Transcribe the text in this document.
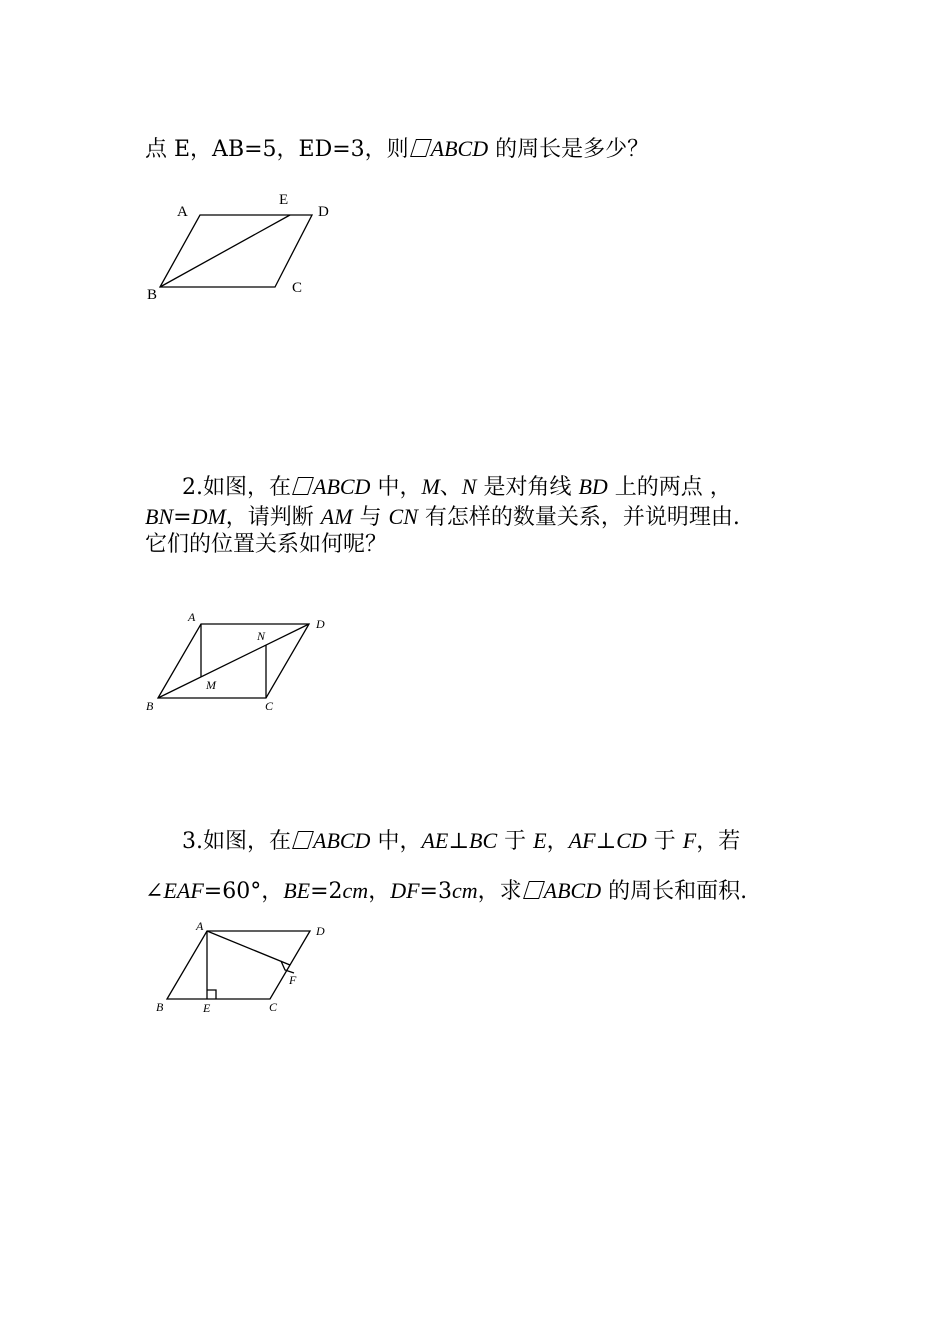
点 E，AB=5，ED=3，则 ABCD 的周长是多少？
2.如图，在 ABCD 中，M、N 是对角线 BD 上的两点 ，
BN=DM，请判断 AM 与 CN 有怎样的数量关系，并说明理由.
它们的位置关系如何呢？
3.如图，在 ABCD 中，AE⊥BC 于 E，AF⊥CD 于 F，若
∠EAF=60°，BE=2cm，DF=3cm，求 ABCD 的周长和面积.
A
E
D
B	C
A	D
N
M
B	C
A	D
F
B	E	C
